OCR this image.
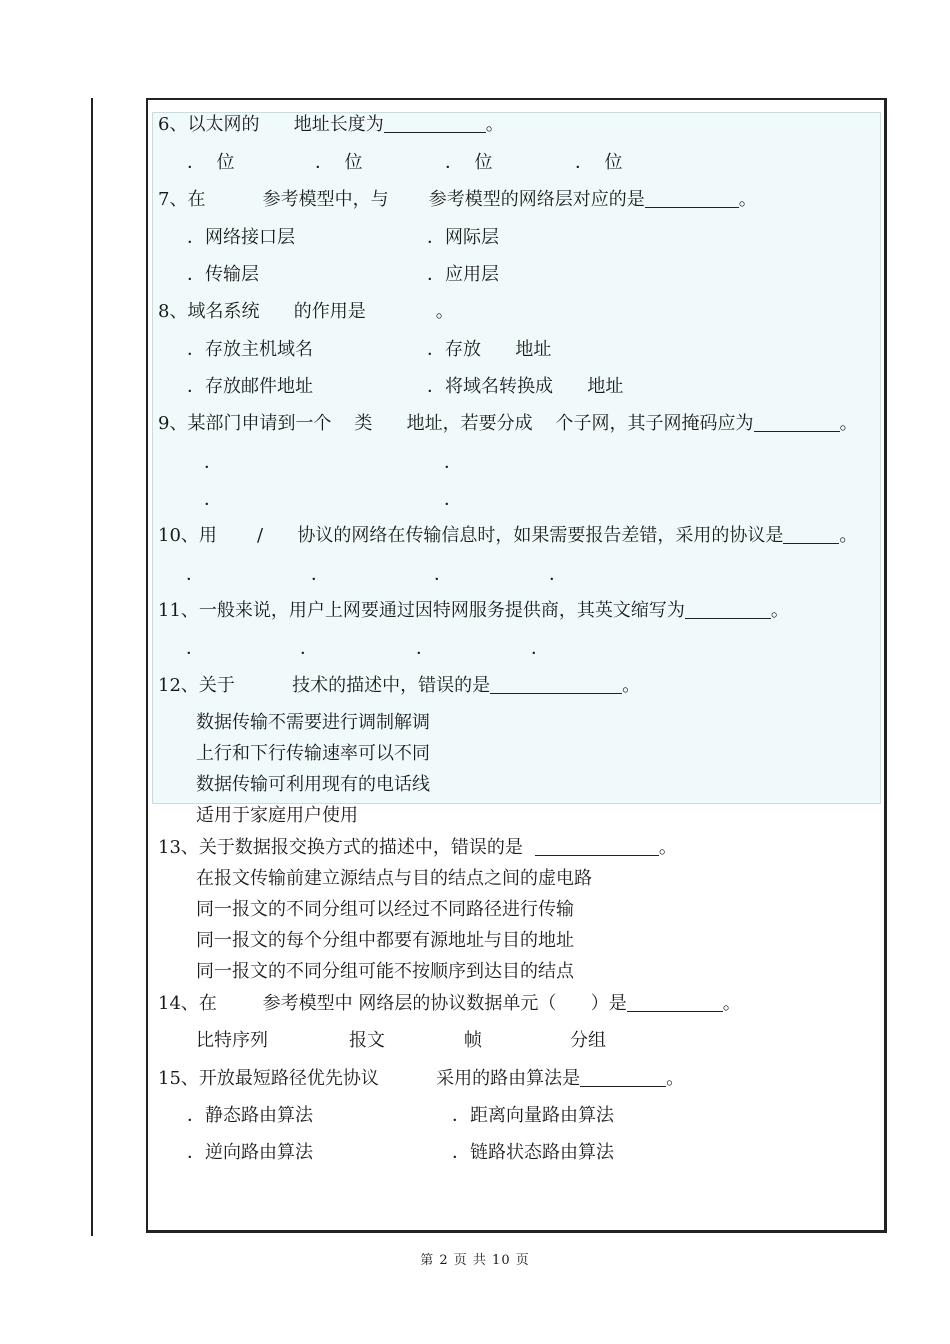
6、以太网的      地址长度为	。
．  位	．  位	．  位	．  位
7、在          参考模型中，与       参考模型的网络层对应的是	。
．网络接口层	．网际层
．传输层	．应用层
8、域名系统      的作用是	。
．存放主机域名	．存放      地址
．存放邮件地址	．将域名转换成      地址
9、某部门申请到一个    类      地址，若要分成    个子网，其子网掩码应为	。
．	．
．	．
10、用       /      协议的网络在传输信息时，如果需要报告差错，采用的协议是	。
．	．	．	．
11、一般来说，用户上网要通过因特网服务提供商，其英文缩写为	。
．	．	．	．
12、关于          技术的描述中，错误的是	。
数据传输不需要进行调制解调
上行和下行传输速率可以不同
数据传输可利用现有的电话线
适用于家庭用户使用
13、关于数据报交换方式的描述中，错误的是	。
在报文传输前建立源结点与目的结点之间的虚电路
同一报文的不同分组可以经过不同路径进行传输
同一报文的每个分组中都要有源地址与目的地址
同一报文的不同分组可能不按顺序到达目的结点
14、在        参考模型中 网络层的协议数据单元（      ）是	。
比特序列	报文	帧	分组
15、开放最短路径优先协议          采用的路由算法是	。
．静态路由算法	．距离向量路由算法
．逆向路由算法	．链路状态路由算法
第 2 页 共 10 页
